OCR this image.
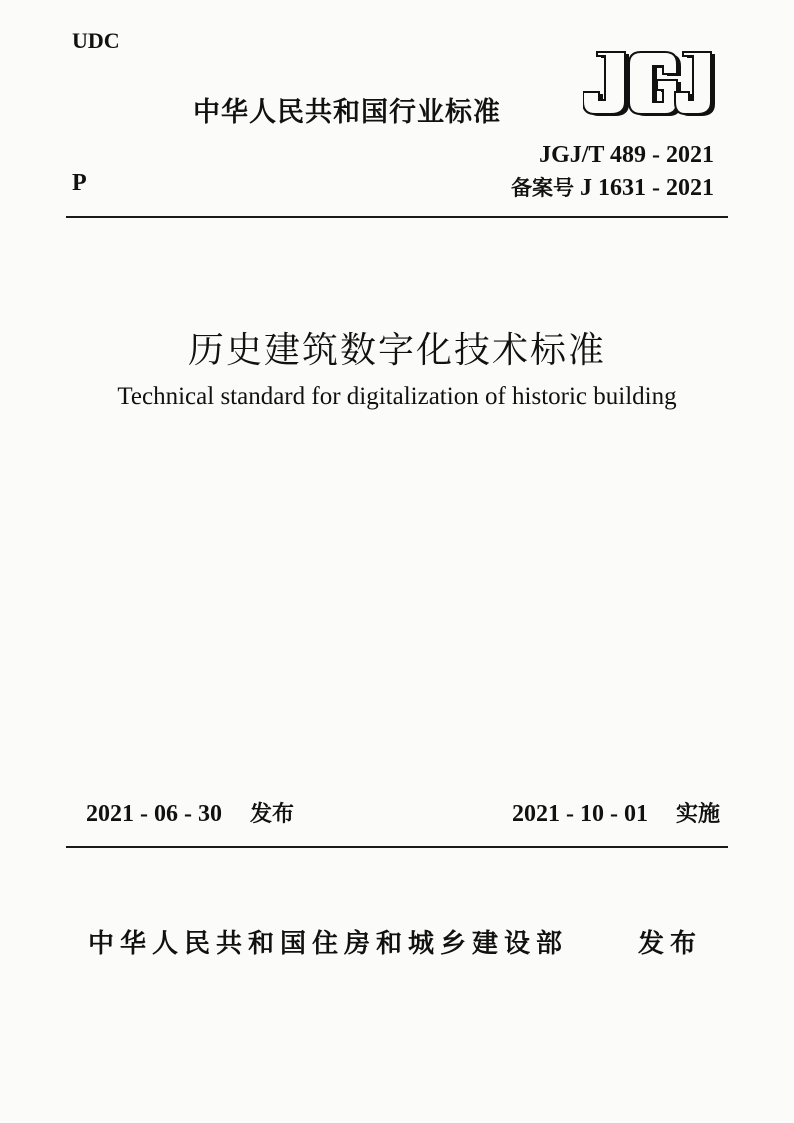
UDC
P
中华人民共和国行业标准
JGJ/T 489 - 2021
备案号 J 1631 - 2021
历史建筑数字化技术标准
Technical standard for digitalization of historic building
2021 - 06 - 30 发布	2021 - 10 - 01 实施
中华人民共和国住房和城乡建设部	发布
